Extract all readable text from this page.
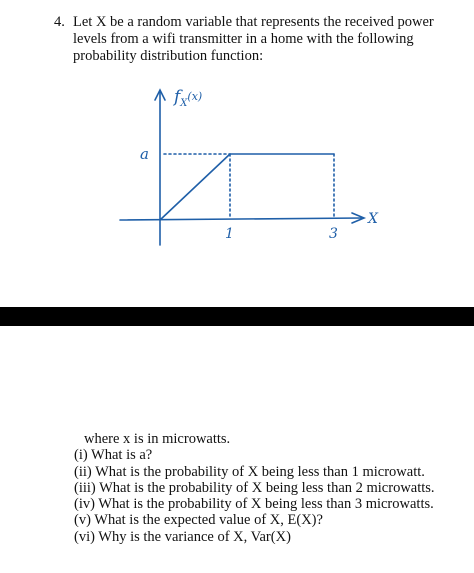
4. Let X be a random variable that represents the received power
levels from a wifi transmitter in a home with the following
probability distribution function:
$f_X^{(x)}$
a
1	3
X
where x is in microwatts.
(i) What is a?
(ii) What is the probability of X being less than 1 microwatt.
(iii) What is the probability of X being less than 2 microwatts.
(iv) What is the probability of X being less than 3 microwatts.
(v) What is the expected value of X, E(X)?
(vi) Why is the variance of X, Var(X)
